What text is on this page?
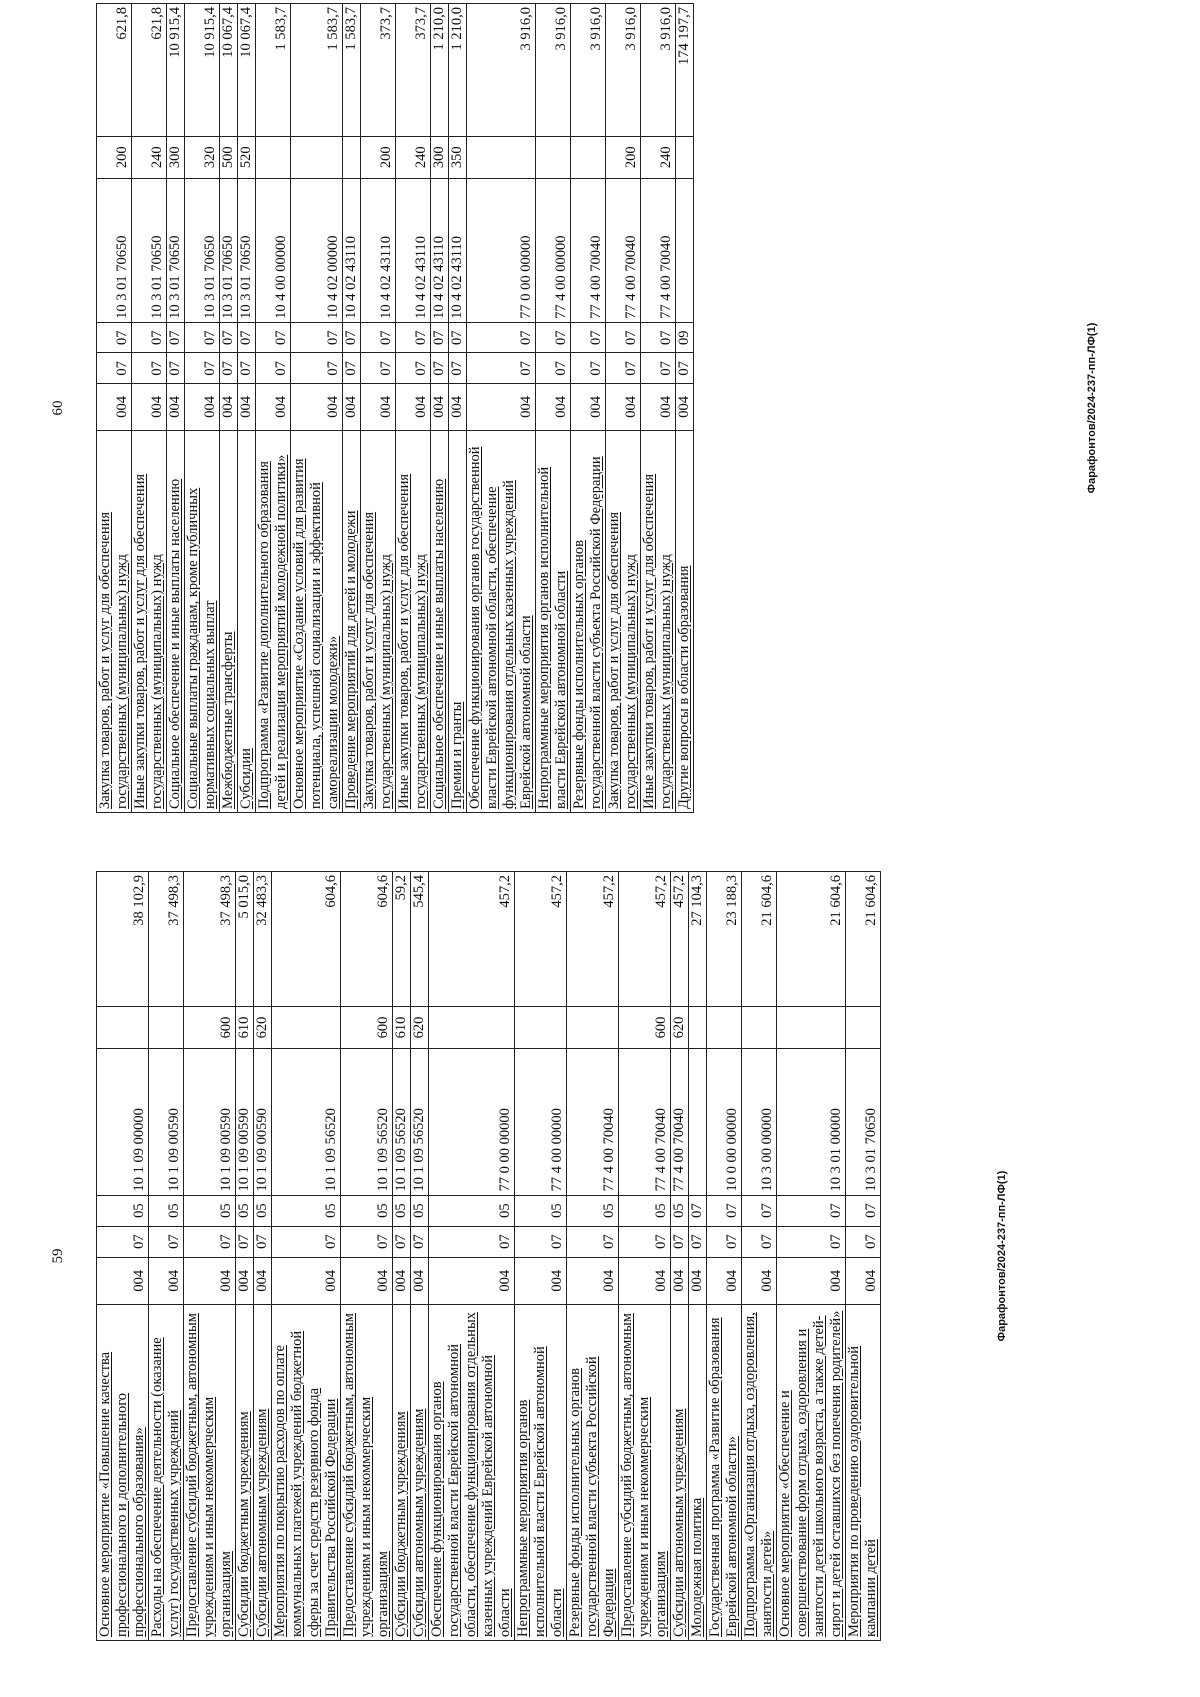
59
Основное мероприятие «Повышение качества профессионального и дополнительного профессионального образования»	004	07	05	10 1 09 00000		38 102,9
Расходы на обеспечение деятельности (оказание услуг) государственных учреждений	004	07	05	10 1 09 00590		37 498,3
Предоставление субсидий бюджетным, автономным учреждениям и иным некоммерческим организациям	004	07	05	10 1 09 00590	600	37 498,3
Субсидии бюджетным учреждениям	004	07	05	10 1 09 00590	610	5 015,0
Субсидии автономным учреждениям	004	07	05	10 1 09 00590	620	32 483,3
Мероприятия по покрытию расходов по оплате коммунальных платежей учреждений бюджетной сферы за счет средств резервного фонда Правительства Российской Федерации	004	07	05	10 1 09 56520		604,6
Предоставление субсидий бюджетным, автономным учреждениям и иным некоммерческим организациям	004	07	05	10 1 09 56520	600	604,6
Субсидии бюджетным учреждениям	004	07	05	10 1 09 56520	610	59,2
Субсидии автономным учреждениям	004	07	05	10 1 09 56520	620	545,4
Обеспечение функционирования органов государственной власти Еврейской автономной области, обеспечение функционирования отдельных казенных учреждений Еврейской автономной области	004	07	05	77 0 00 00000		457,2
Непрограммные мероприятия органов исполнительной власти Еврейской автономной области	004	07	05	77 4 00 00000		457,2
Резервные фонды исполнительных органов государственной власти субъекта Российской Федерации	004	07	05	77 4 00 70040		457,2
Предоставление субсидий бюджетным, автономным учреждениям и иным некоммерческим организациям	004	07	05	77 4 00 70040	600	457,2
Субсидии автономным учреждениям	004	07	05	77 4 00 70040	620	457,2
Молодежная политика	004	07	07			27 104,3
Государственная программа «Развитие образования Еврейской автономной области»	004	07	07	10 0 00 00000		23 188,3
Подпрограмма «Организация отдыха, оздоровления, занятости детей»	004	07	07	10 3 00 00000		21 604,6
Основное мероприятие «Обеспечение и совершенствование форм отдыха, оздоровления и занятости детей школьного возраста, а также детей-сирот и детей оставшихся без попечения родителей»	004	07	07	10 3 01 00000		21 604,6
Мероприятия по проведению оздоровительной кампании детей	004	07	07	10 3 01 70650		21 604,6
Фарафонтов/2024-237-пп-ЛФ(1)
60
Закупка товаров, работ и услуг для обеспечения государственных (муниципальных) нужд	004	07	07	10 3 01 70650	200	621,8
Иные закупки товаров, работ и услуг для обеспечения государственных (муниципальных) нужд	004	07	07	10 3 01 70650	240	621,8
Социальное обеспечение и иные выплаты населению	004	07	07	10 3 01 70650	300	10 915,4
Социальные выплаты гражданам, кроме публичных нормативных социальных выплат	004	07	07	10 3 01 70650	320	10 915,4
Межбюджетные трансферты	004	07	07	10 3 01 70650	500	10 067,4
Субсидии	004	07	07	10 3 01 70650	520	10 067,4
Подпрограмма «Развитие дополнительного образования детей и реализация мероприятий молодежной политики»	004	07	07	10 4 00 00000		1 583,7
Основное мероприятие «Создание условий для развития потенциала, успешной социализации и эффективной самореализации молодежи»	004	07	07	10 4 02 00000		1 583,7
Проведение мероприятий для детей и молодежи	004	07	07	10 4 02 43110		1 583,7
Закупка товаров, работ и услуг для обеспечения государственных (муниципальных) нужд	004	07	07	10 4 02 43110	200	373,7
Иные закупки товаров, работ и услуг для обеспечения государственных (муниципальных) нужд	004	07	07	10 4 02 43110	240	373,7
Социальное обеспечение и иные выплаты населению	004	07	07	10 4 02 43110	300	1 210,0
Премии и гранты	004	07	07	10 4 02 43110	350	1 210,0
Обеспечение функционирования органов государственной власти Еврейской автономной области, обеспечение функционирования отдельных казенных учреждений Еврейской автономной области	004	07	07	77 0 00 00000		3 916,0
Непрограммные мероприятия органов исполнительной власти Еврейской автономной области	004	07	07	77 4 00 00000		3 916,0
Резервные фонды исполнительных органов государственной власти субъекта Российской Федерации	004	07	07	77 4 00 70040		3 916,0
Закупка товаров, работ и услуг для обеспечения государственных (муниципальных) нужд	004	07	07	77 4 00 70040	200	3 916,0
Иные закупки товаров, работ и услуг для обеспечения государственных (муниципальных) нужд	004	07	07	77 4 00 70040	240	3 916,0
Другие вопросы в области образования	004	07	09			174 197,7
Фарафонтов/2024-237-пп-ЛФ(1)
